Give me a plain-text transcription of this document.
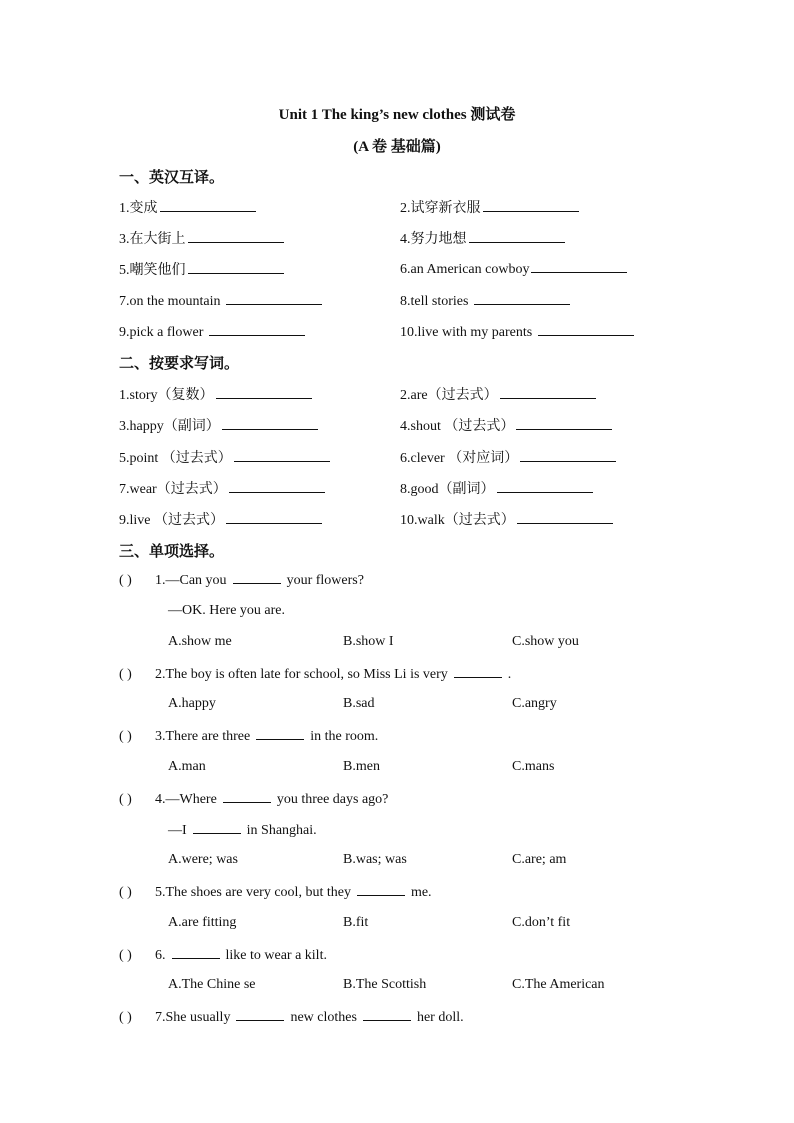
Unit 1 The king’s new clothes 测试卷
(A 卷 基础篇)
一、英汉互译。
1.变成	2.试穿新衣服
3.在大街上	4.努力地想
5.嘲笑他们	6.an American cowboy
7.on the mountain	8.tell stories
9.pick a flower	10.live with my parents
二、按要求写词。
1.story（复数）	2.are（过去式）
3.happy（副词）	4.shout （过去式）
5.point （过去式）	6.clever （对应词）
7.wear（过去式）	8.good（副词）
9.live （过去式）	10.walk（过去式）
三、单项选择。
( ) 1.—Can you	your flowers?
—OK. Here you are.
A.show me	B.show I	C.show you
( ) 2.The boy is often late for school, so Miss Li is very	.
A.happy	B.sad	C.angry
( ) 3.There are three	in the room.
A.man	B.men	C.mans
( ) 4.—Where	you three days ago?
—I	in Shanghai.
A.were; was	B.was; was	C.are; am
( ) 5.The shoes are very cool, but they	me.
A.are fitting	B.fit	C.don’t fit
( ) 6.	like to wear a kilt.
A.The Chine se	B.The Scottish	C.The American
( ) 7.She usually	new clothes	her doll.
